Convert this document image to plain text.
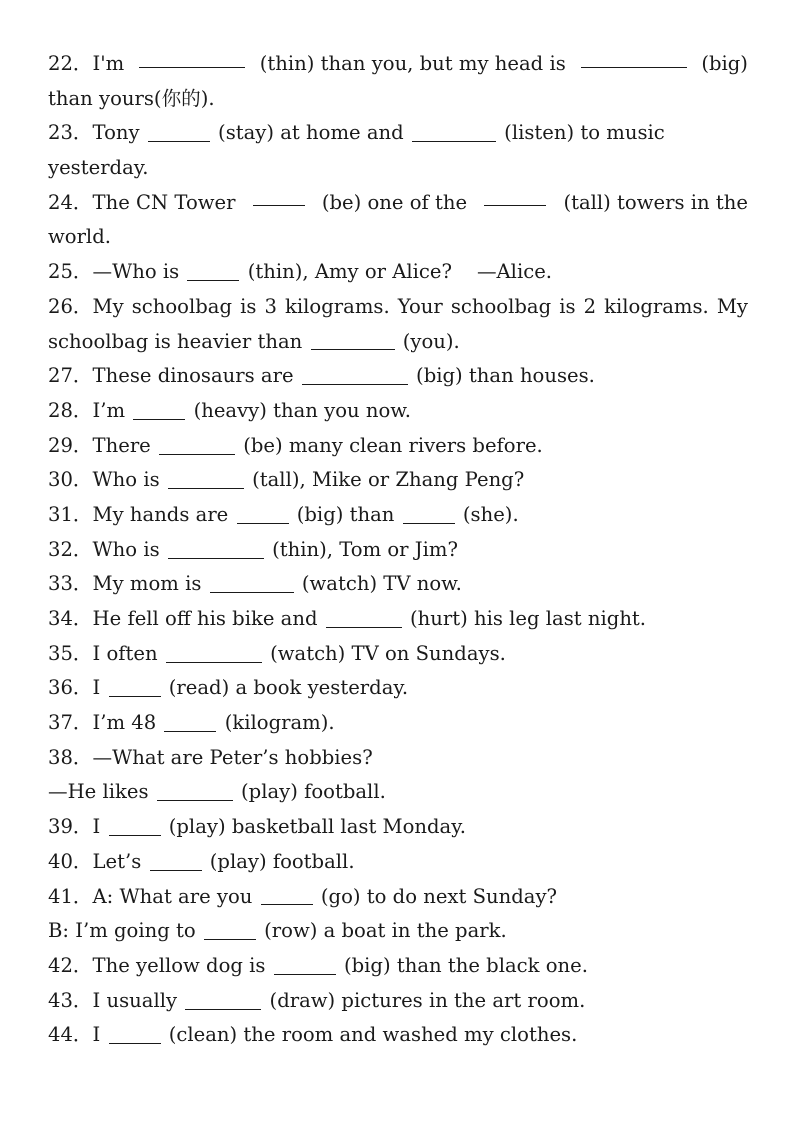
22．I'm	(thin) than you, but my head is	(big)
than yours(你的).
23．Tony	(stay) at home and	(listen) to music
yesterday.
24．The CN Tower	(be) one of the	(tall) towers in the
world.
25．—Who is	(thin), Amy or Alice? —Alice.
26． My schoolbag is 3 kilograms. Your schoolbag is 2 kilograms. My
schoolbag is heavier than	(you).
27．These dinosaurs are	(big) than houses.
28．I’m	(heavy) than you now.
29．There	(be) many clean rivers before.
30．Who is	(tall), Mike or Zhang Peng?
31．My hands are	(big) than	(she).
32．Who is	(thin), Tom or Jim?
33．My mom is	(watch) TV now.
34．He fell off his bike and	(hurt) his leg last night.
35．I often	(watch) TV on Sundays.
36．I	(read) a book yesterday.
37．I’m 48	(kilogram).
38．—What are Peter’s hobbies?
—He likes	(play) football.
39．I	(play) basketball last Monday.
40．Let’s	(play) football.
41．A: What are you	(go) to do next Sunday?
B: I’m going to	(row) a boat in the park.
42．The yellow dog is	(big) than the black one.
43．I usually	(draw) pictures in the art room.
44．I	(clean) the room and washed my clothes.
